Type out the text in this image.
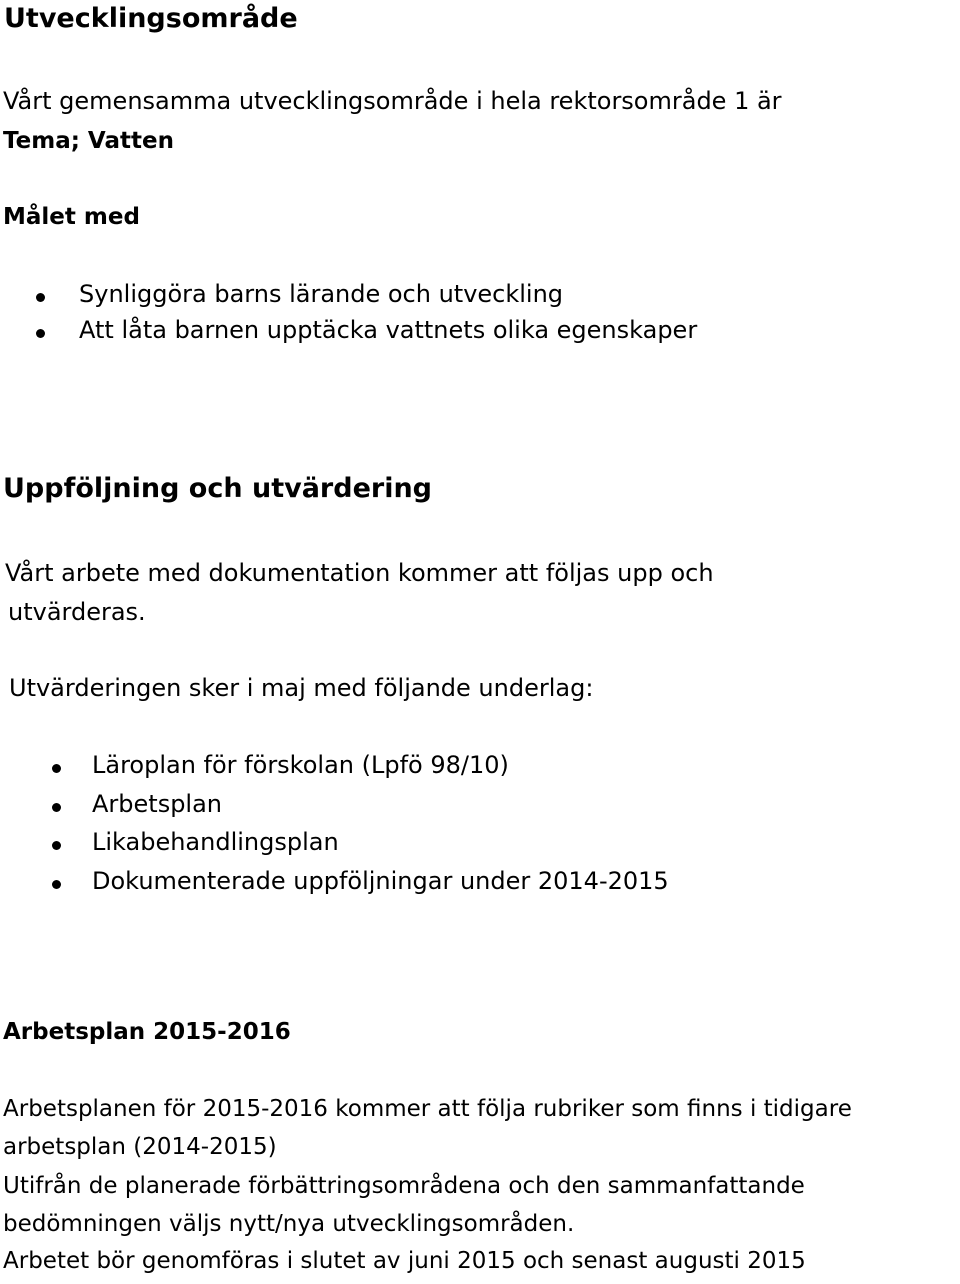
Utvecklingsområde
Vårt gemensamma utvecklingsområde i hela rektorsområde 1 är
Tema; Vatten
Målet med
Synliggöra barns lärande och utveckling
Att låta barnen upptäcka vattnets olika egenskaper
Uppföljning och utvärdering
Vårt arbete med dokumentation kommer att följas upp och
utvärderas.
Utvärderingen sker i maj med följande underlag:
Läroplan för förskolan (Lpfö 98/10)
Arbetsplan
Likabehandlingsplan
Dokumenterade uppföljningar under 2014-2015
Arbetsplan 2015-2016
Arbetsplanen för 2015-2016 kommer att följa rubriker som finns i tidigare
arbetsplan (2014-2015)
Utifrån de planerade förbättringsområdena och den sammanfattande
bedömningen väljs nytt/nya utvecklingsområden.
Arbetet bör genomföras i slutet av juni 2015 och senast augusti 2015
